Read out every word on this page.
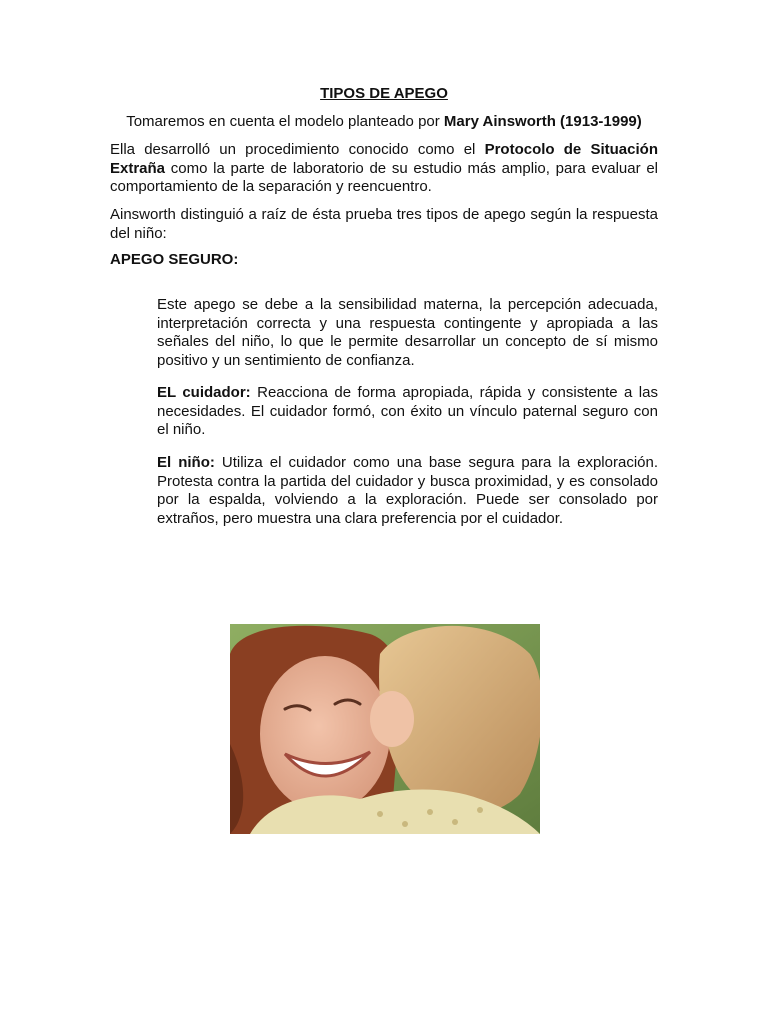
TIPOS DE APEGO

Tomaremos en cuenta el modelo planteado por Mary Ainsworth (1913-1999)

Ella desarrolló un procedimiento conocido como el Protocolo de Situación Extraña como la parte de laboratorio de su estudio más amplio, para evaluar el comportamiento de la separación y reencuentro.

Ainsworth distinguió a raíz de ésta prueba tres tipos de apego según la respuesta del niño:

APEGO SEGURO:

Este apego se debe a la sensibilidad materna, la percepción adecuada, interpretación correcta y una respuesta contingente y apropiada a las señales del niño, lo que le permite desarrollar un concepto de sí mismo positivo y un sentimiento de confianza.

EL cuidador: Reacciona de forma apropiada, rápida y consistente a las necesidades. El cuidador formó, con éxito un vínculo paternal seguro con el niño.

El niño: Utiliza el cuidador como una base segura para la exploración. Protesta contra la partida del cuidador y busca proximidad, y es consolado por la espalda, volviendo a la exploración. Puede ser consolado por extraños, pero muestra una clara preferencia por el cuidador.
